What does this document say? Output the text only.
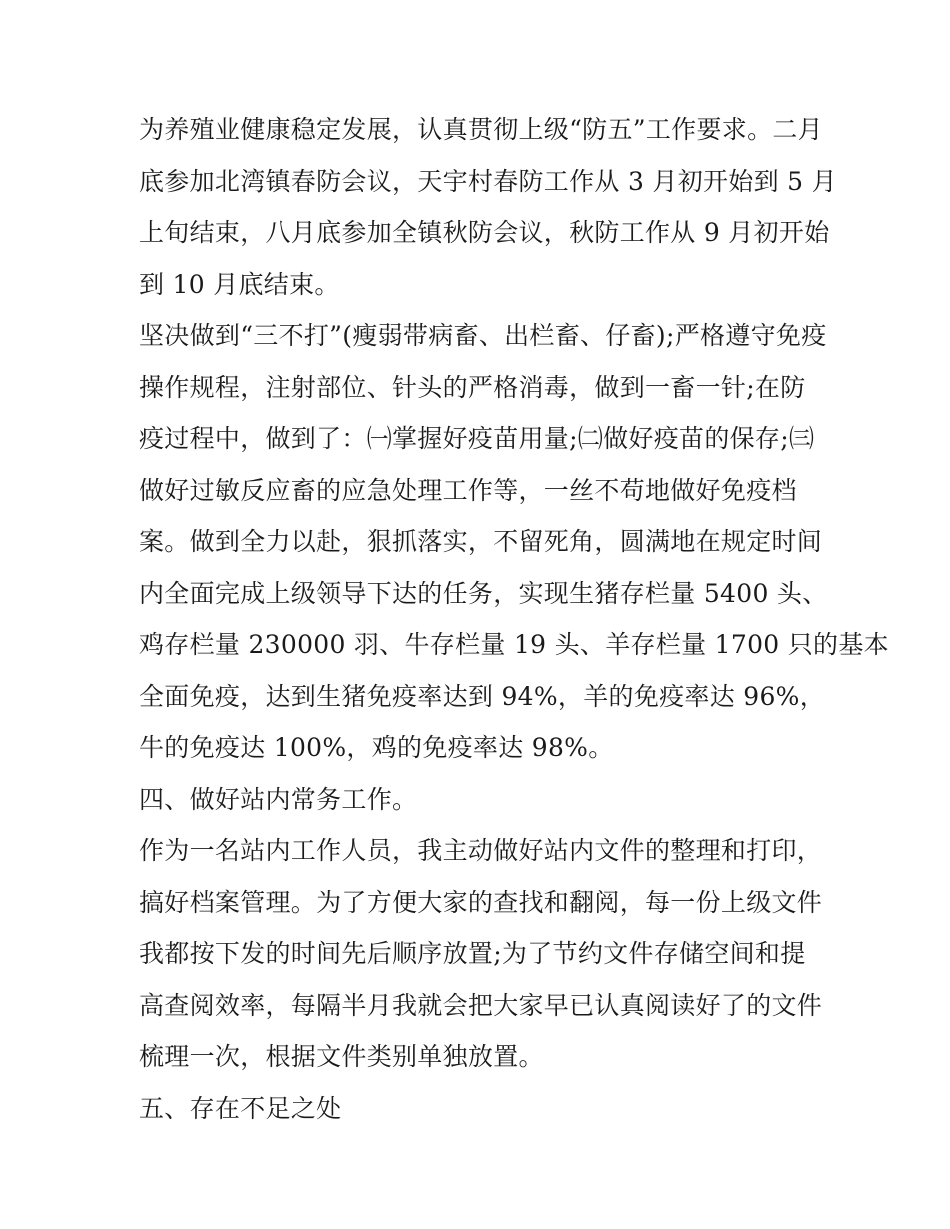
为养殖业健康稳定发展，认真贯彻上级“防五”工作要求。二月
底参加北湾镇春防会议，天宇村春防工作从 3 月初开始到 5 月
上旬结束，八月底参加全镇秋防会议，秋防工作从 9 月初开始
到 10 月底结束。
坚决做到“三不打”(瘦弱带病畜、出栏畜、仔畜);严格遵守免疫
操作规程，注射部位、针头的严格消毒，做到一畜一针;在防
疫过程中，做到了：㈠掌握好疫苗用量;㈡做好疫苗的保存;㈢
做好过敏反应畜的应急处理工作等，一丝不苟地做好免疫档
案。做到全力以赴，狠抓落实，不留死角，圆满地在规定时间
内全面完成上级领导下达的任务，实现生猪存栏量 5400 头、
鸡存栏量 230000 羽、牛存栏量 19 头、羊存栏量 1700 只的基本
全面免疫，达到生猪免疫率达到 94%，羊的免疫率达 96%，
牛的免疫达 100%，鸡的免疫率达 98%。
四、做好站内常务工作。
作为一名站内工作人员，我主动做好站内文件的整理和打印，
搞好档案管理。为了方便大家的查找和翻阅，每一份上级文件
我都按下发的时间先后顺序放置;为了节约文件存储空间和提
高查阅效率，每隔半月我就会把大家早已认真阅读好了的文件
梳理一次，根据文件类别单独放置。
五、存在不足之处
